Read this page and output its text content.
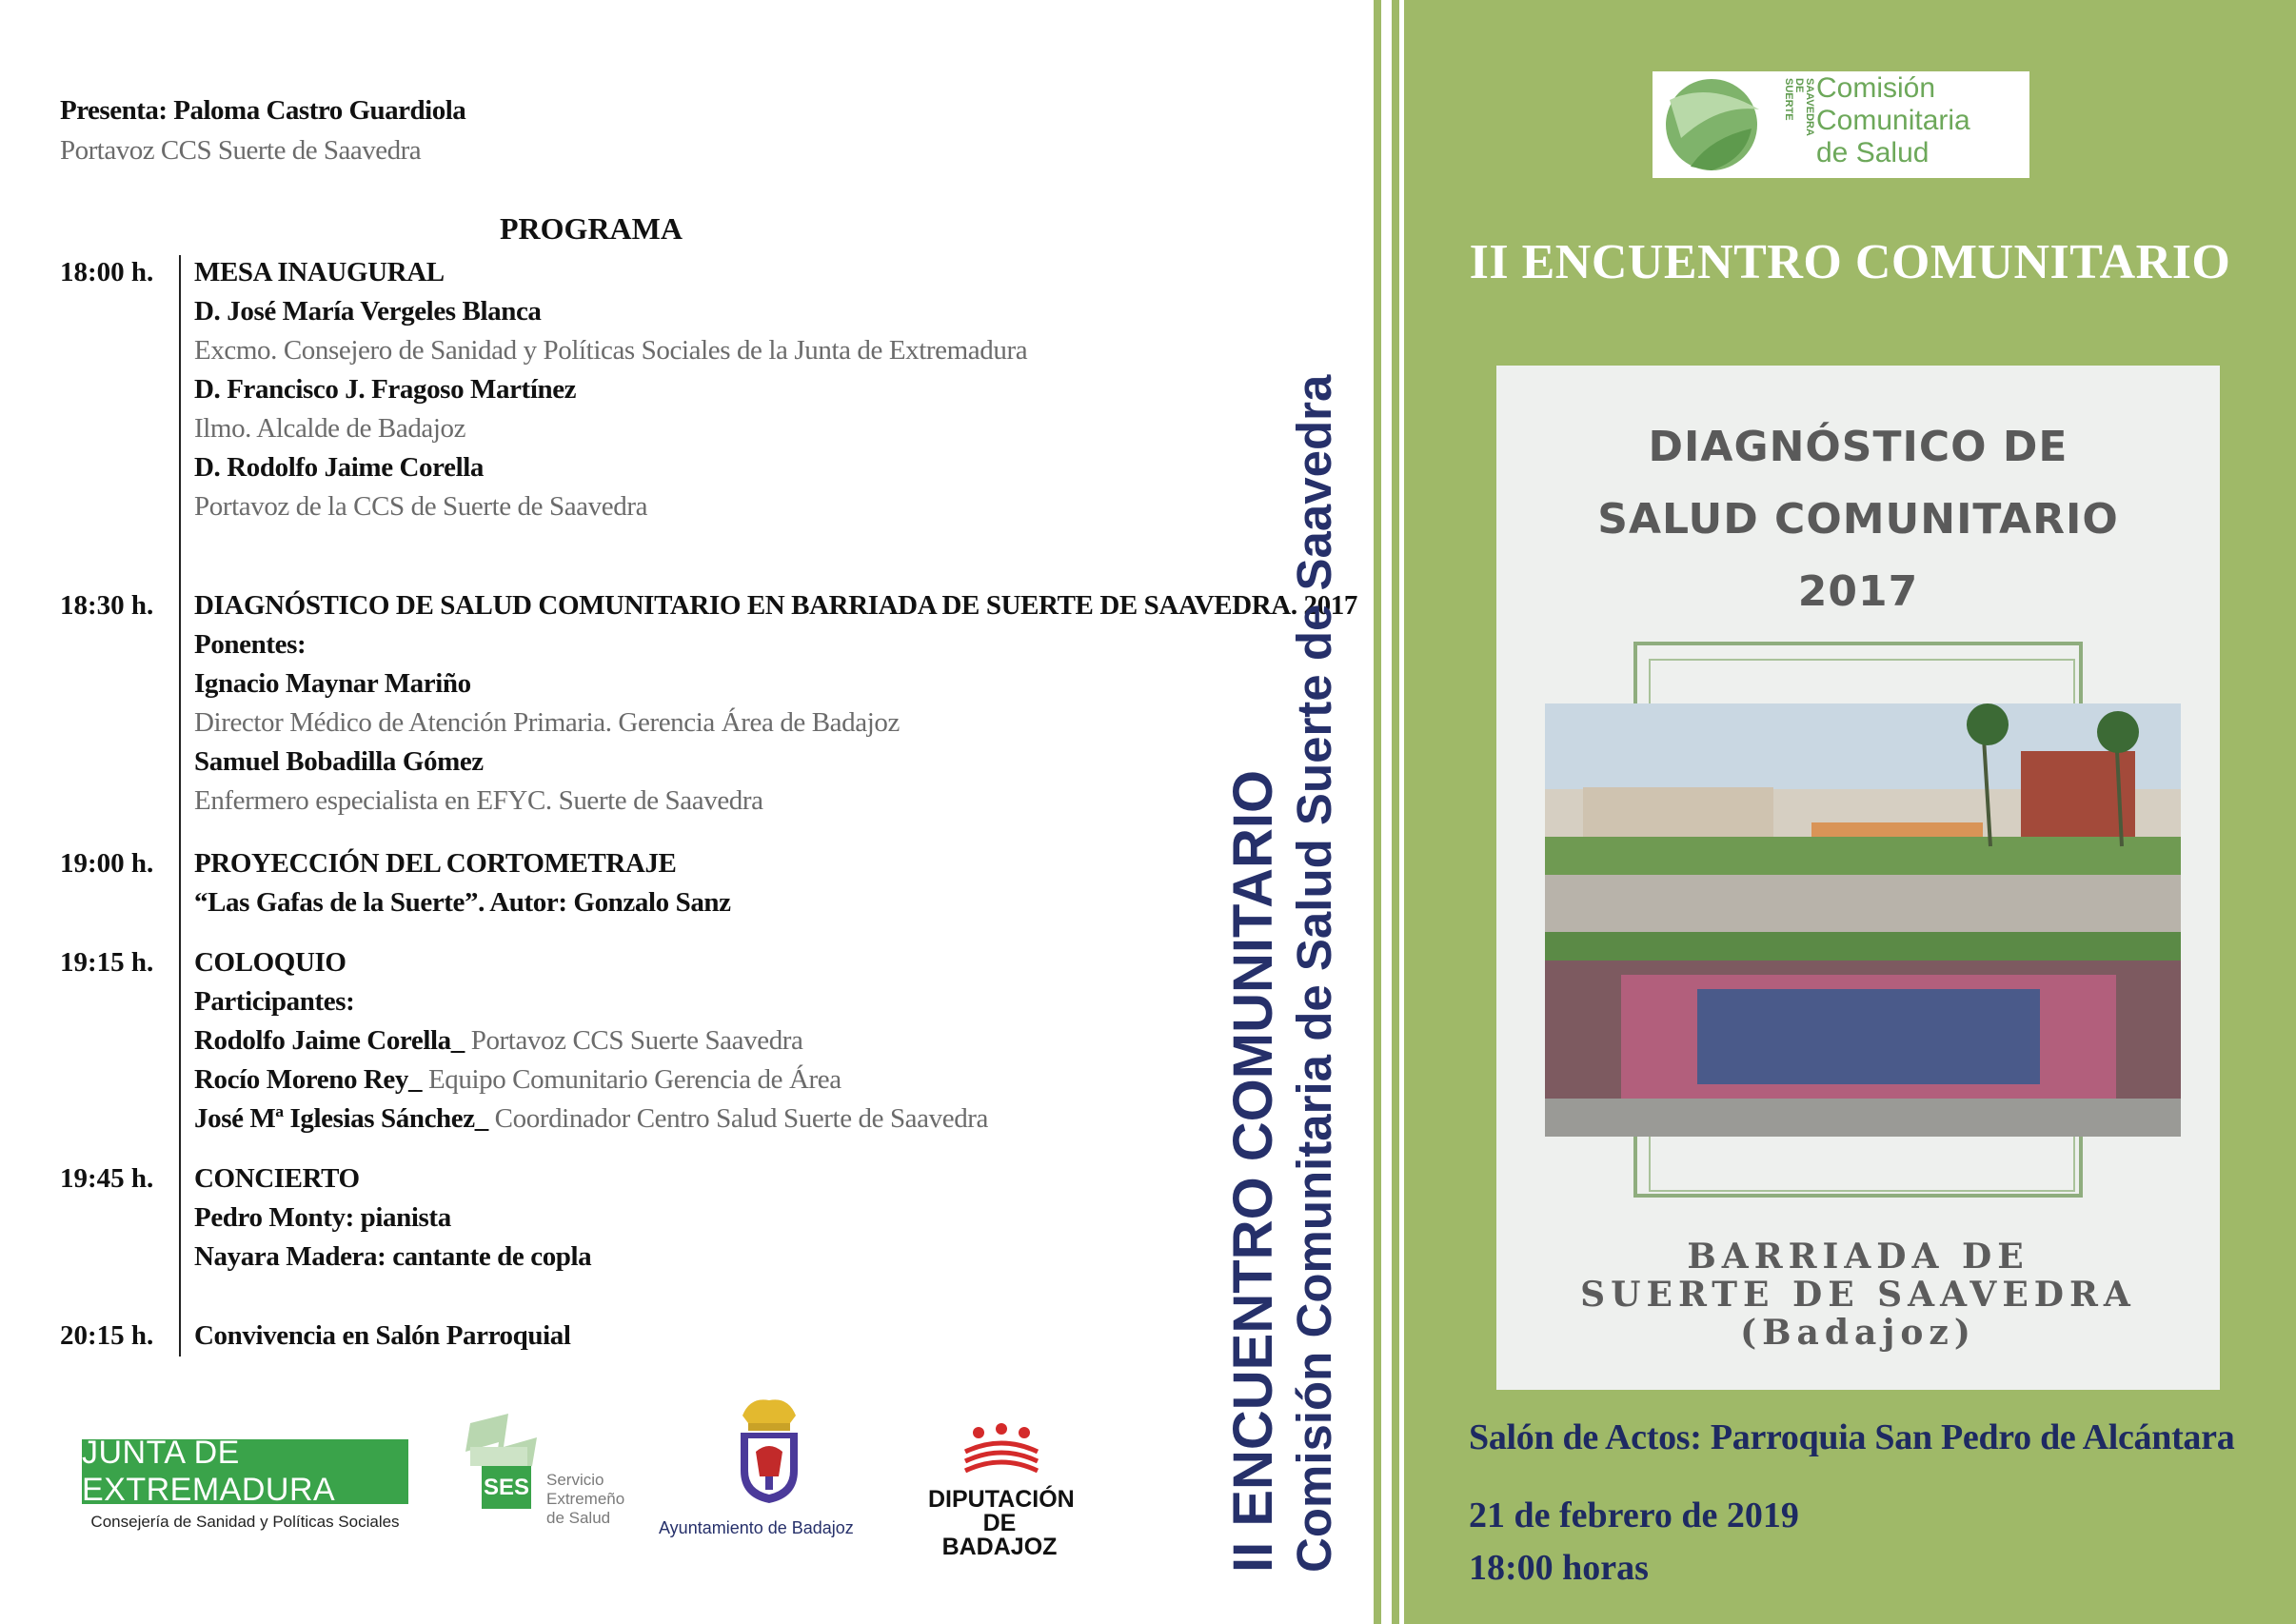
Presenta: Paloma Castro Guardiola
Portavoz CCS Suerte de Saavedra
PROGRAMA
18:00 h. MESA INAUGURAL
D. José María Vergeles Blanca
Excmo. Consejero de Sanidad y Políticas Sociales de la Junta de Extremadura
D. Francisco J. Fragoso Martínez
Ilmo. Alcalde de Badajoz
D. Rodolfo Jaime Corella
Portavoz de la CCS de Suerte de Saavedra
18:30 h. DIAGNÓSTICO DE SALUD COMUNITARIO EN BARRIADA DE SUERTE DE SAAVEDRA. 2017
Ponentes:
Ignacio Maynar Mariño
Director Médico de Atención Primaria. Gerencia Área de Badajoz
Samuel Bobadilla Gómez
Enfermero especialista en EFYC. Suerte de Saavedra
19:00 h. PROYECCIÓN DEL CORTOMETRAJE
“Las Gafas de la Suerte”. Autor: Gonzalo Sanz
19:15 h. COLOQUIO
Participantes:
Rodolfo Jaime Corella_ Portavoz CCS Suerte Saavedra
Rocío Moreno Rey_ Equipo Comunitario Gerencia de Área
José Mª Iglesias Sánchez_ Coordinador Centro Salud Suerte de Saavedra
19:45 h. CONCIERTO
Pedro Monty: pianista
Nayara Madera: cantante de copla
20:15 h. Convivencia en Salón Parroquial	II ENCUENTRO COMUNITARIO Comisión Comunitaria de Salud Suerte de Saavedra
JUNTA DE EXTREMADURA
Consejería de Sanidad y Políticas Sociales
SES Servicio
Extremeño
de Salud
Ayuntamiento de Badajoz
DIPUTACIÓN
DE BADAJOZ
SUERTE DE SAAVEDRA Comisión
Comunitaria
de Salud
II ENCUENTRO COMUNITARIO
DIAGNÓSTICO DE
SALUD COMUNITARIO
2017
BARRIADA DE
SUERTE DE SAAVEDRA
(Badajoz)
Salón de Actos: Parroquia San Pedro de Alcántara
21 de febrero de 2019
18:00 horas
